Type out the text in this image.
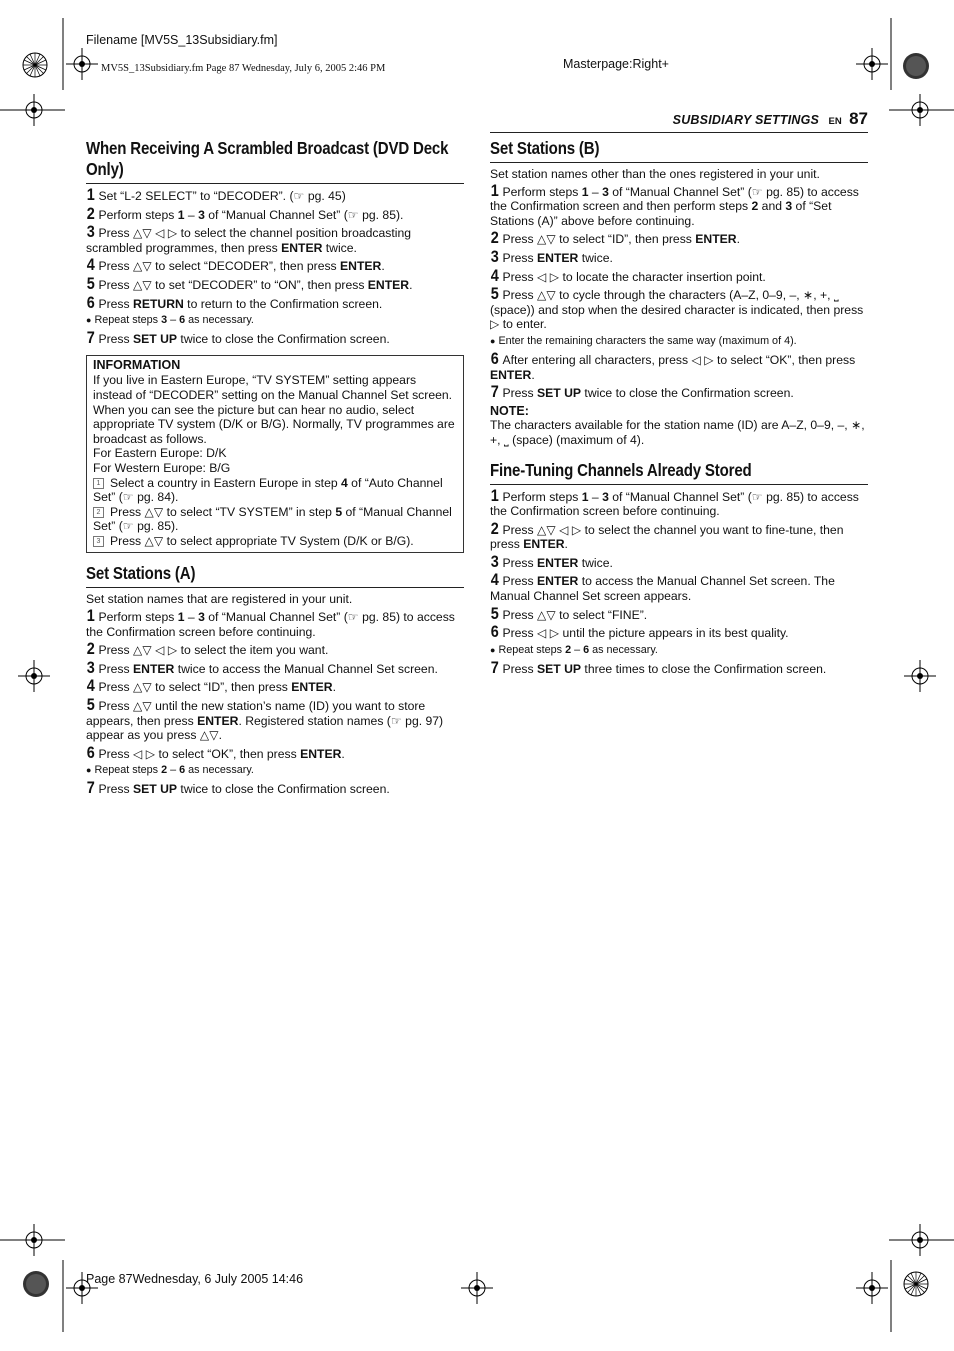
Filename [MV5S_13Subsidiary.fm]
MV5S_13Subsidiary.fm Page 87 Wednesday, July 6, 2005 2:46 PM	Masterpage:Right+
Page 87Wednesday, 6 July 2005 14:46
SUBSIDIARY SETTINGS EN 87
When Receiving A Scrambled Broadcast (DVD Deck Only)
1 Set “L-2 SELECT” to “DECODER”. (☞ pg. 45)
2 Perform steps 1 – 3 of “Manual Channel Set” (☞ pg. 85).
3 Press △▽ ◁ ▷ to select the channel position broadcasting scrambled programmes, then press ENTER twice.
4 Press △▽ to select “DECODER”, then press ENTER.
5 Press △▽ to set “DECODER” to “ON”, then press ENTER.
6 Press RETURN to return to the Confirmation screen.
● Repeat steps 3 – 6 as necessary.
7 Press SET UP twice to close the Confirmation screen.
INFORMATION

If you live in Eastern Europe, “TV SYSTEM” setting appears instead of “DECODER” setting on the Manual Channel Set screen. When you can see the picture but can hear no audio, select appropriate TV system (D/K or B/G). Normally, TV programmes are broadcast as follows.

For Eastern Europe: D/K

For Western Europe: B/G

1 Select a country in Eastern Europe in step 4 of “Auto Channel Set” (☞ pg. 84).

2 Press △▽ to select “TV SYSTEM” in step 5 of “Manual Channel Set” (☞ pg. 85).

3 Press △▽ to select appropriate TV System (D/K or B/G).

Set Stations (A)
Set station names that are registered in your unit.
1 Perform steps 1 – 3 of “Manual Channel Set” (☞ pg. 85) to access the Confirmation screen before continuing.
2 Press △▽ ◁ ▷ to select the item you want.
3 Press ENTER twice to access the Manual Channel Set screen.
4 Press △▽ to select “ID”, then press ENTER.
5 Press △▽ until the new station’s name (ID) you want to store appears, then press ENTER. Registered station names (☞ pg. 97) appear as you press △▽.
6 Press ◁ ▷ to select “OK”, then press ENTER.
● Repeat steps 2 – 6 as necessary.
7 Press SET UP twice to close the Confirmation screen.
Set Stations (B)
Set station names other than the ones registered in your unit.
1 Perform steps 1 – 3 of “Manual Channel Set” (☞ pg. 85) to access the Confirmation screen and then perform steps 2 and 3 of “Set Stations (A)” above before continuing.
2 Press △▽ to select “ID”, then press ENTER.
3 Press ENTER twice.
4 Press ◁ ▷ to locate the character insertion point.
5 Press △▽ to cycle through the characters (A–Z, 0–9, –, ∗, +, ⎵ (space)) and stop when the desired character is indicated, then press ▷ to enter.
● Enter the remaining characters the same way (maximum of 4).
6 After entering all characters, press ◁ ▷ to select “OK”, then press ENTER.
7 Press SET UP twice to close the Confirmation screen.
NOTE:
The characters available for the station name (ID) are A–Z, 0–9, –, ∗, +, ⎵ (space) (maximum of 4).
Fine-Tuning Channels Already Stored
1 Perform steps 1 – 3 of “Manual Channel Set” (☞ pg. 85) to access the Confirmation screen before continuing.
2 Press △▽ ◁ ▷ to select the channel you want to fine-tune, then press ENTER.
3 Press ENTER twice.
4 Press ENTER to access the Manual Channel Set screen. The Manual Channel Set screen appears.
5 Press △▽ to select “FINE”.
6 Press ◁ ▷ until the picture appears in its best quality.
● Repeat steps 2 – 6 as necessary.
7 Press SET UP three times to close the Confirmation screen.
